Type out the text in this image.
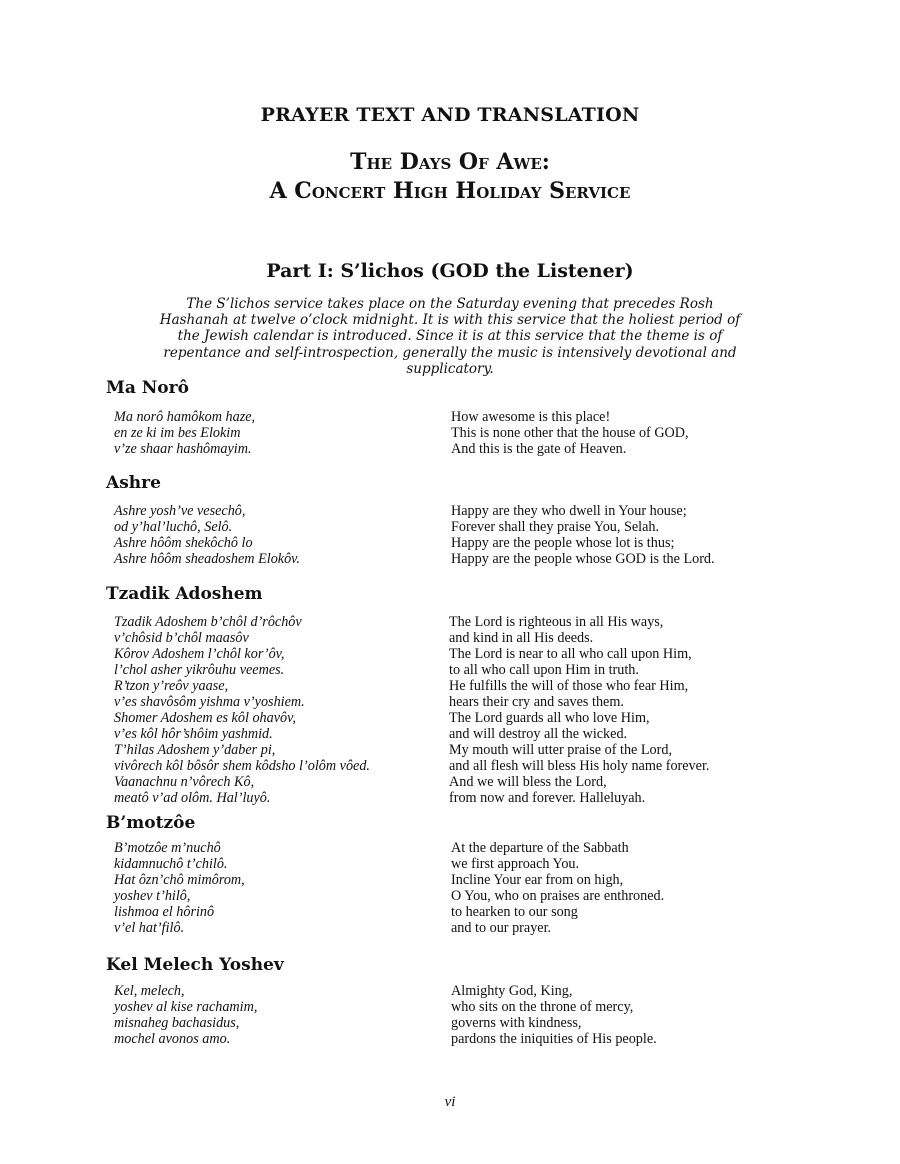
PRAYER TEXT AND TRANSLATION
The Days Of Awe:
A Concert High Holiday Service
Part I: S’lichos (GOD the Listener)
The S’lichos service takes place on the Saturday evening that precedes Rosh Hashanah at twelve o’clock midnight. It is with this service that the holiest period of the Jewish calendar is introduced. Since it is at this service that the theme is of repentance and self-introspection, generally the music is intensively devotional and supplicatory.
Ma Norô
Ma norô hamôkom haze,
en ze ki im bes Elokim
v’ze shaar hashômayim.
How awesome is this place!
This is none other that the house of GOD,
And this is the gate of Heaven.
Ashre
Ashre yosh’ve vesechô,
od y’hal’luchô, Selô.
Ashre hôôm shekôchô lo
Ashre hôôm sheadoshem Elokôv.
Happy are they who dwell in Your house;
Forever shall they praise You, Selah.
Happy are the people whose lot is thus;
Happy are the people whose GOD is the Lord.
Tzadik Adoshem
Tzadik Adoshem b’chôl d’rôchôv
v’chôsid b’chôl maasôv
Kôrov Adoshem l’chôl kor’ôv,
l’chol asher yikrôuhu veemes.
R’tzon y’reôv yaase,
v’es shavôsôm yishma v’yoshiem.
Shomer Adoshem es kôl ohavôv,
v’es kôl hôr’shôim yashmid.
T’hilas Adoshem y’daber pi,
vivôrech kôl bôsôr shem kôdsho l’olôm vôed.
Vaanachnu n’vôrech Kô,
meatô v’ad olôm. Hal’luyô.
The Lord is righteous in all His ways,
and kind in all His deeds.
The Lord is near to all who call upon Him,
to all who call upon Him in truth.
He fulfills the will of those who fear Him,
hears their cry and saves them.
The Lord guards all who love Him,
and will destroy all the wicked.
My mouth will utter praise of the Lord,
and all flesh will bless His holy name forever.
And we will bless the Lord,
from now and forever. Halleluyah.
B’motzôe
B’motzôe m’nuchô
kidamnuchô t’chilô.
Hat ôzn’chô mimôrom,
yoshev t’hilô,
lishmoa el hôrinô
v’el hat’filô.
At the departure of the Sabbath
we first approach You.
Incline Your ear from on high,
O You, who on praises are enthroned.
to hearken to our song
and to our prayer.
Kel Melech Yoshev
Kel, melech,
yoshev al kise rachamim,
misnaheg bachasidus,
mochel avonos amo.
Almighty God, King,
who sits on the throne of mercy,
governs with kindness,
pardons the iniquities of His people.
vi
